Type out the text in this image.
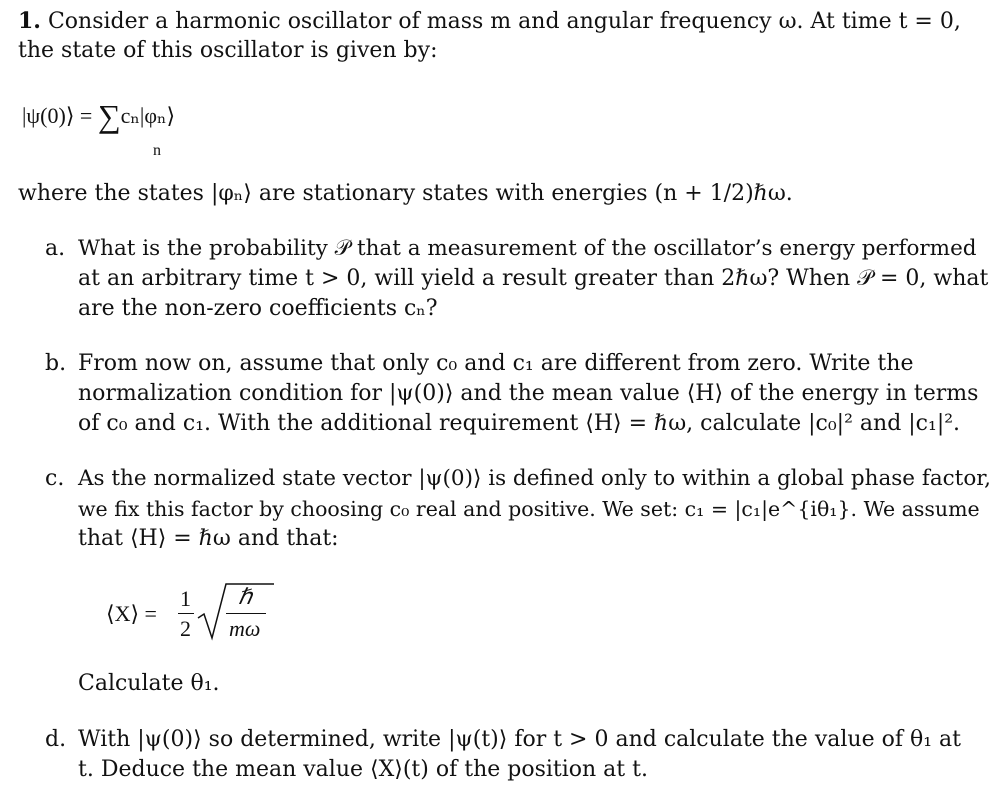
1. Consider a harmonic oscillator of mass m and angular frequency ω. At time t = 0,
the state of this oscillator is given by:
|ψ(0)⟩ = ∑cₙ|φₙ⟩
n
where the states |φₙ⟩ are stationary states with energies (n + 1/2)ℏω.
a. What is the probability 𝒫 that a measurement of the oscillator’s energy performed
at an arbitrary time t > 0, will yield a result greater than 2ℏω? When 𝒫 = 0, what
are the non-zero coefficients cₙ?
b. From now on, assume that only c₀ and c₁ are different from zero. Write the
normalization condition for |ψ(0)⟩ and the mean value ⟨H⟩ of the energy in terms
of c₀ and c₁. With the additional requirement ⟨H⟩ = ℏω, calculate |c₀|² and |c₁|².
c. As the normalized state vector |ψ(0)⟩ is defined only to within a global phase factor,
we fix this factor by choosing c₀ real and positive. We set: c₁ = |c₁|e^{iθ₁}. We assume
that ⟨H⟩ = ℏω and that:
⟨X⟩ =
1
2
ℏ
mω
Calculate θ₁.
d. With |ψ(0)⟩ so determined, write |ψ(t)⟩ for t > 0 and calculate the value of θ₁ at
t. Deduce the mean value ⟨X⟩(t) of the position at t.
